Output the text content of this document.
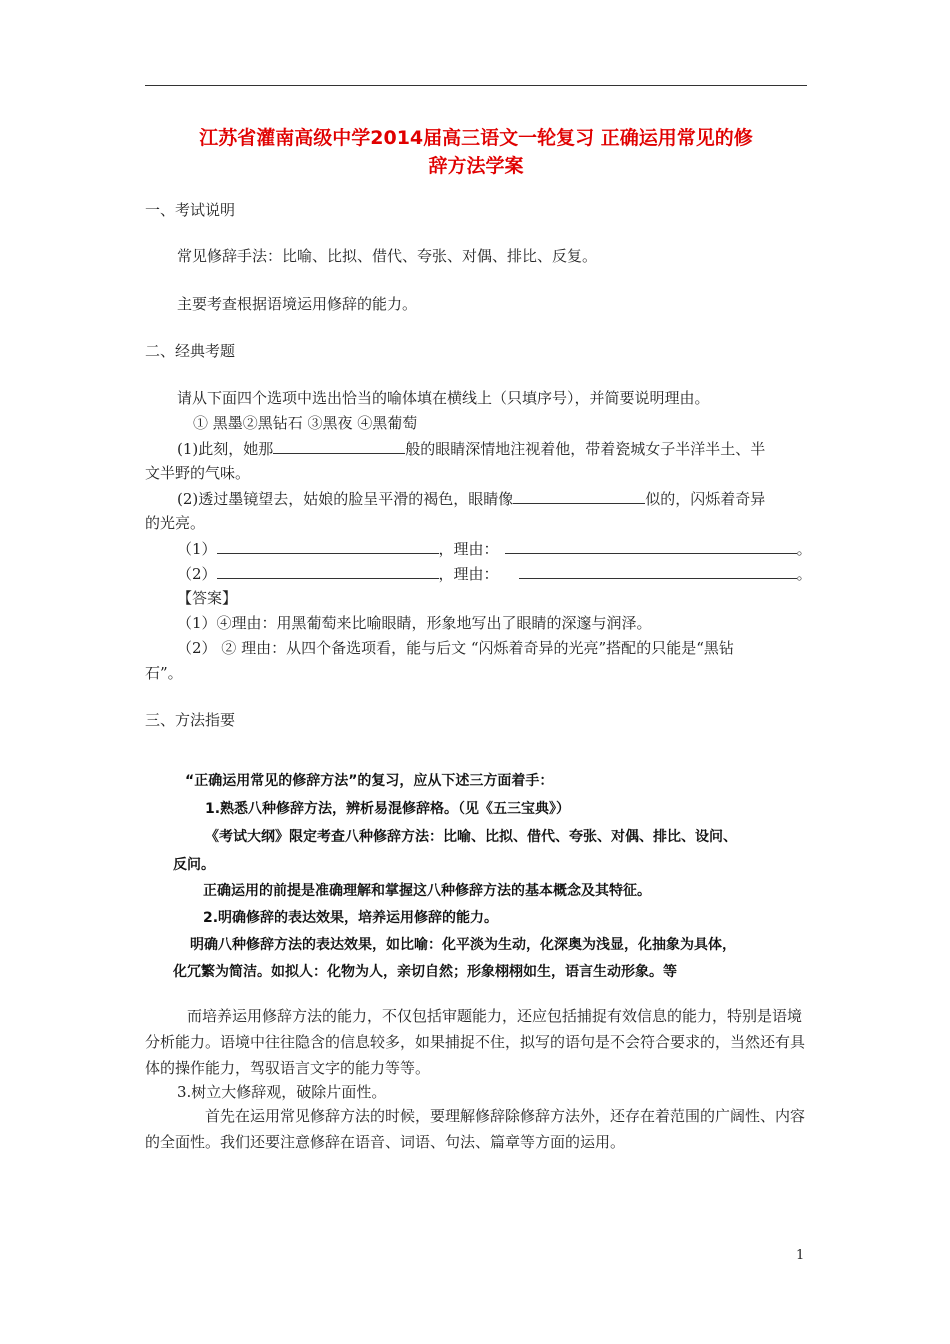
江苏省灌南高级中学2014届高三语文一轮复习 正确运用常见的修
辞方法学案
一、考试说明
常见修辞手法：比喻、比拟、借代、夸张、对偶、排比、反复。
主要考查根据语境运用修辞的能力。
二、经典考题
请从下面四个选项中选出恰当的喻体填在横线上（只填序号），并简要说明理由。
① 黑墨②黑钻石 ③黑夜 ④黑葡萄
(1)此刻，她那	般的眼睛深情地注视着他，带着瓷城女子半洋半土、半
文半野的气味。
(2)透过墨镜望去，姑娘的脸呈平滑的褐色，眼睛像	似的，闪烁着奇异
的光亮。
（1）	，理由：	。
（2）	，理由：	。
【答案】
（1）④理由：用黑葡萄来比喻眼睛，形象地写出了眼睛的深邃与润泽。
（2） ② 理由：从四个备选项看，能与后文 “闪烁着奇异的光亮”搭配的只能是“黑钻
石”。
三、方法指要
“正确运用常见的修辞方法”的复习，应从下述三方面着手：
1.熟悉八种修辞方法，辨析易混修辞格。（见《五三宝典》）
《考试大纲》限定考查八种修辞方法：比喻、比拟、借代、夸张、对偶、排比、设问、
反问。
正确运用的前提是准确理解和掌握这八种修辞方法的基本概念及其特征。
2.明确修辞的表达效果，培养运用修辞的能力。
明确八种修辞方法的表达效果，如比喻：化平淡为生动，化深奥为浅显，化抽象为具体，
化冗繁为简洁。如拟人：化物为人，亲切自然；形象栩栩如生，语言生动形象。等
而培养运用修辞方法的能力，不仅包括审题能力，还应包括捕捉有效信息的能力，特别是语境分析能力。语境中往往隐含的信息较多，如果捕捉不住，拟写的语句是不会符合要求的，当然还有具体的操作能力，驾驭语言文字的能力等等。
3.树立大修辞观，破除片面性。
首先在运用常见修辞方法的时候，要理解修辞除修辞方法外，还存在着范围的广阔性、内容的全面性。我们还要注意修辞在语音、词语、句法、篇章等方面的运用。
1
